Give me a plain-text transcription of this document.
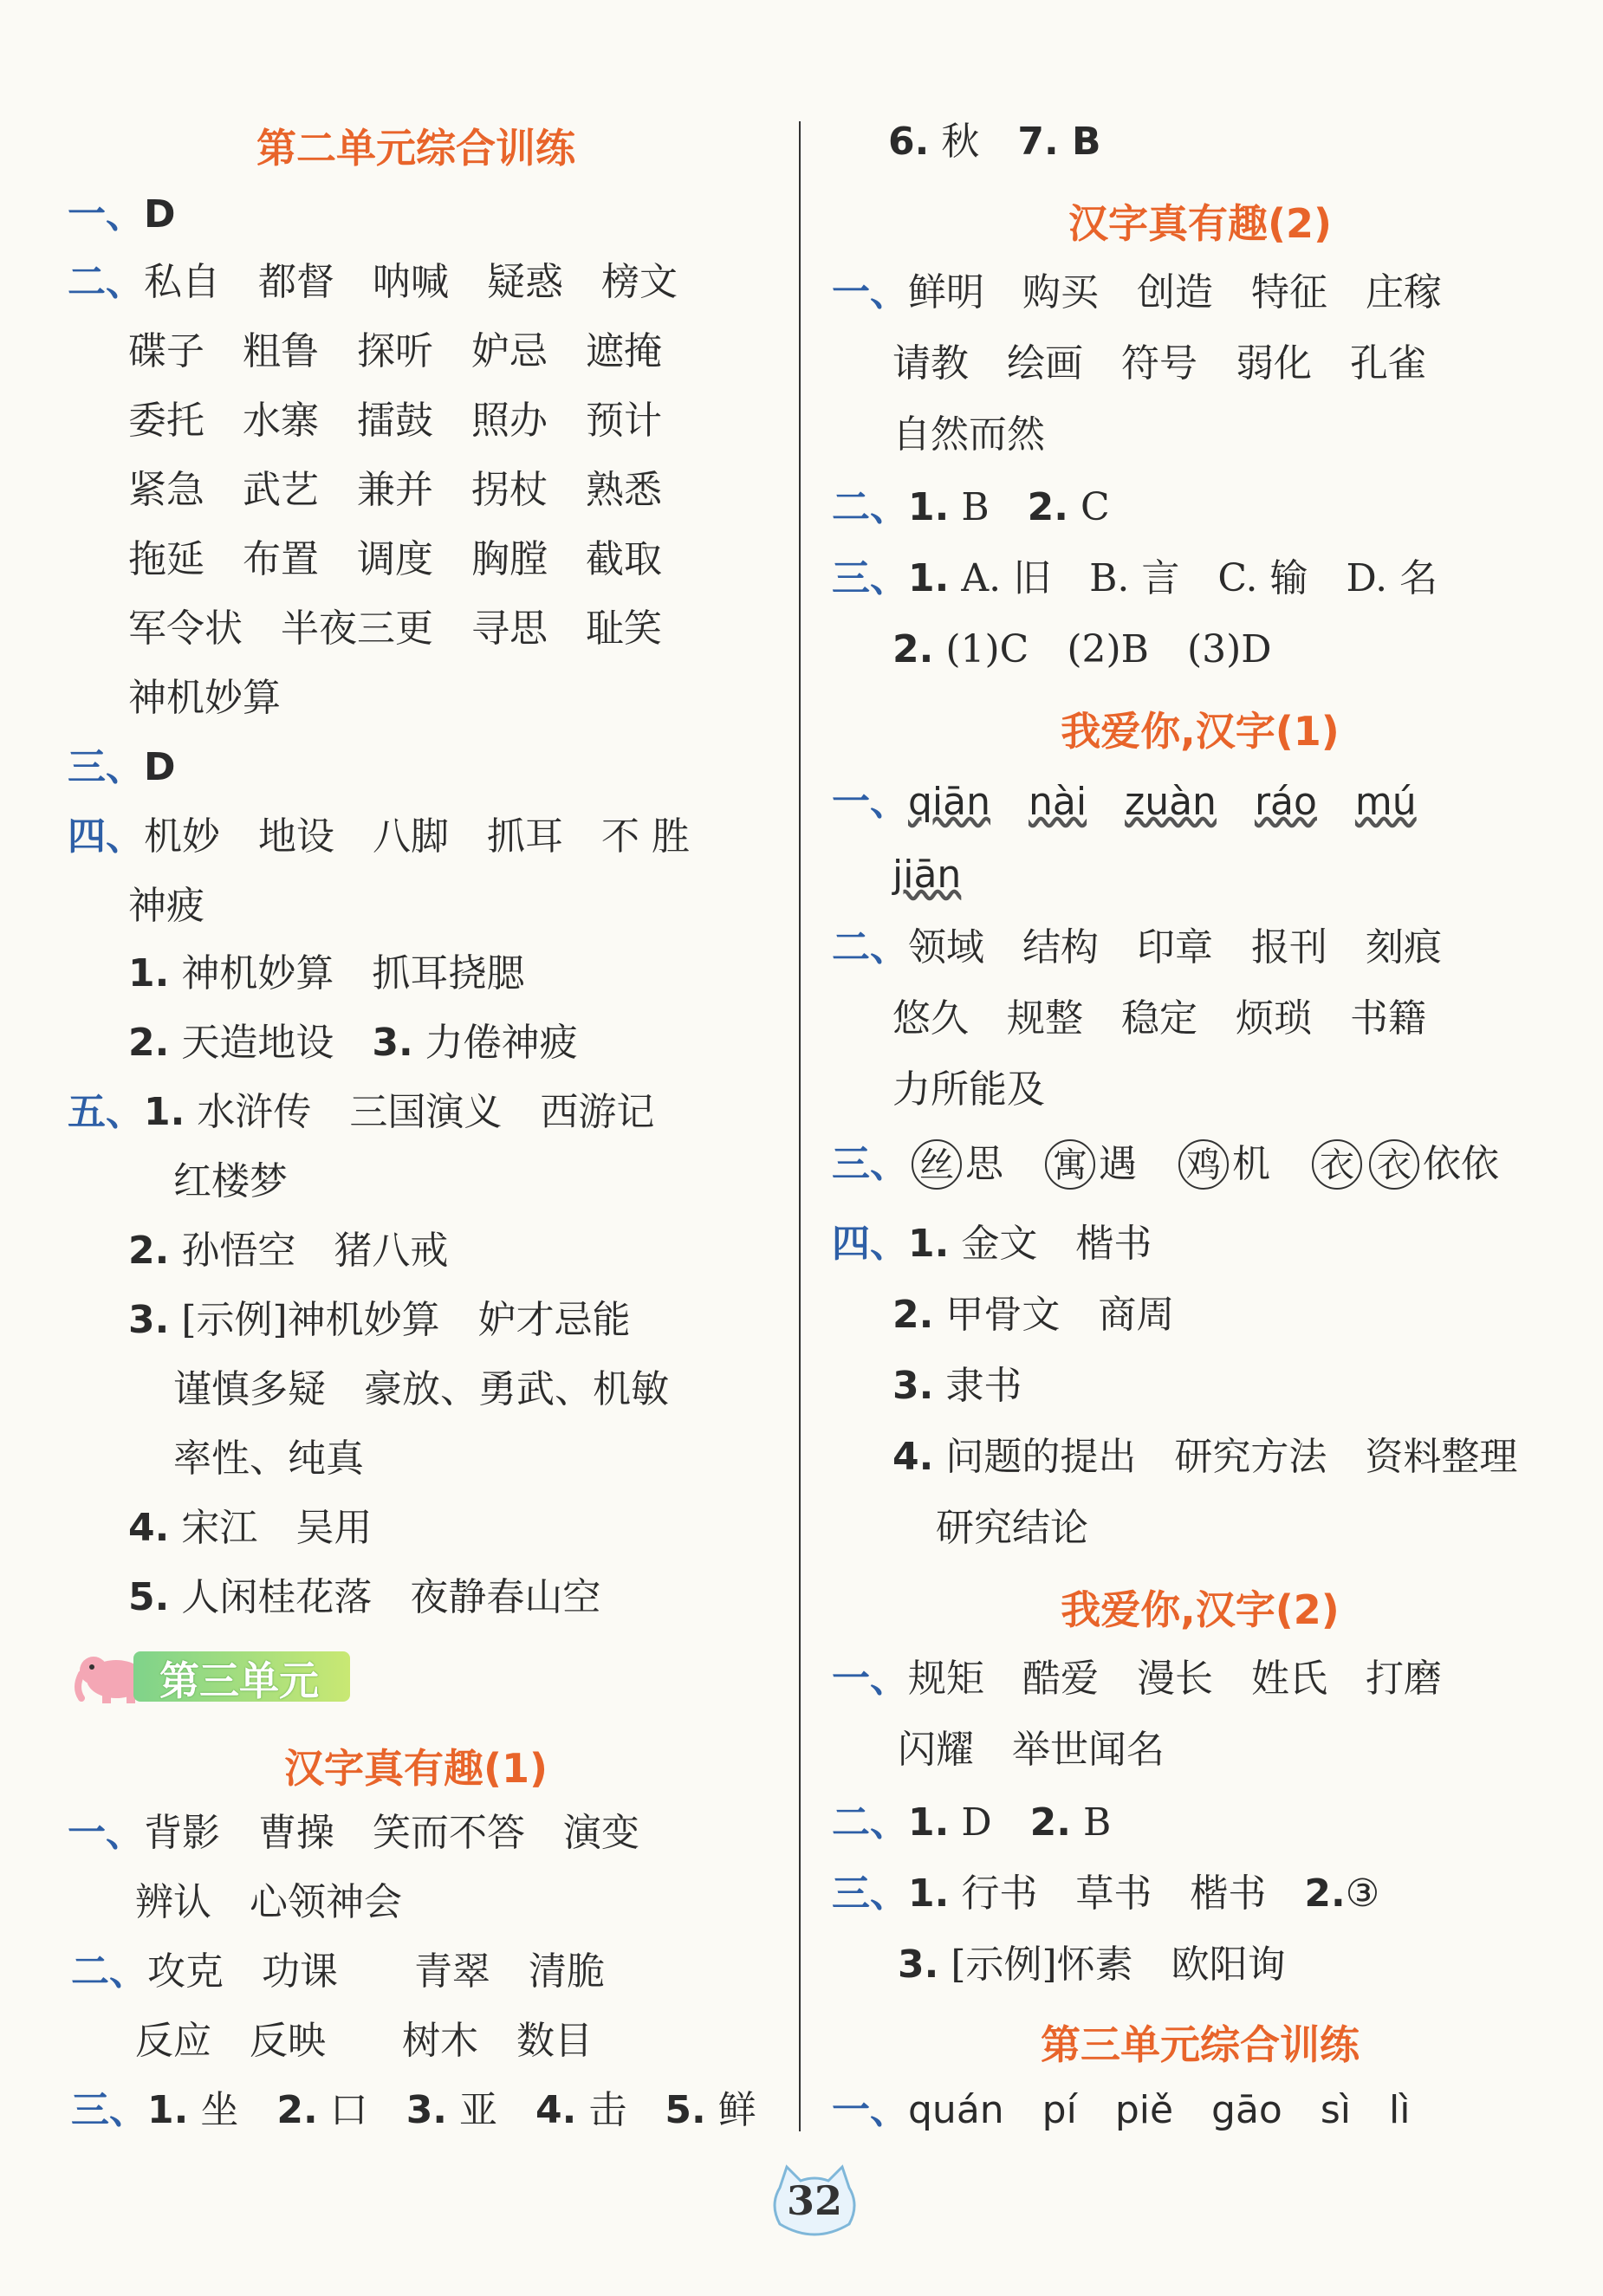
第二单元综合训练
一、D
二、私自　都督　呐喊　疑惑　榜文
碟子　粗鲁　探听　妒忌　遮掩
委托　水寨　擂鼓　照办　预计
紧急　武艺　兼并　拐杖　熟悉
拖延　布置　调度　胸膛　截取
军令状　半夜三更　寻思　耻笑
神机妙算
三、D
四、机妙　地设　八脚　抓耳　不 胜
神疲
1. 神机妙算　抓耳挠腮
2. 天造地设　3. 力倦神疲
五、1. 水浒传　三国演义　西游记
红楼梦
2. 孙悟空　猪八戒
3. [示例]神机妙算　妒才忌能
谨慎多疑　豪放、勇武、机敏
率性、纯真
4. 宋江　吴用
5. 人闲桂花落　夜静春山空
第三单元
汉字真有趣(1)
一、背影　曹操　笑而不答　演变
辨认　心领神会
二、攻克　功课　　青翠　清脆
反应　反映　　树木　数目
三、1. 坐　2. 口　3. 亚　4. 击　5. 鲜
6. 秋　7. B
汉字真有趣(2)
一、鲜明　购买　创造　特征　庄稼
请教　绘画　符号　弱化　孔雀
自然而然
二、1. B　2. C
三、1. A. 旧　B. 言　C. 输　D. 名
2. (1)C　(2)B　(3)D
我爱你,汉字(1)
一、qiān　 nài　 zuàn　 ráo　 mú
jiān
二、领域　结构　印章　报刊　刻痕
悠久　规整　稳定　烦琐　书籍
力所能及
三、 丝 思　 寓 遇　 鸡 机　 衣 衣 依依
四、1. 金文　楷书
2. 甲骨文　商周
3. 隶书
4. 问题的提出　研究方法　资料整理
研究结论
我爱你,汉字(2)
一、规矩　酷爱　漫长　姓氏　打磨
闪耀　举世闻名
二、1. D　2. B
三、1. 行书　草书　楷书　2.③
3. [示例]怀素　欧阳询
第三单元综合训练
一、quán　pí　piě　gāo　sì　lì
32
